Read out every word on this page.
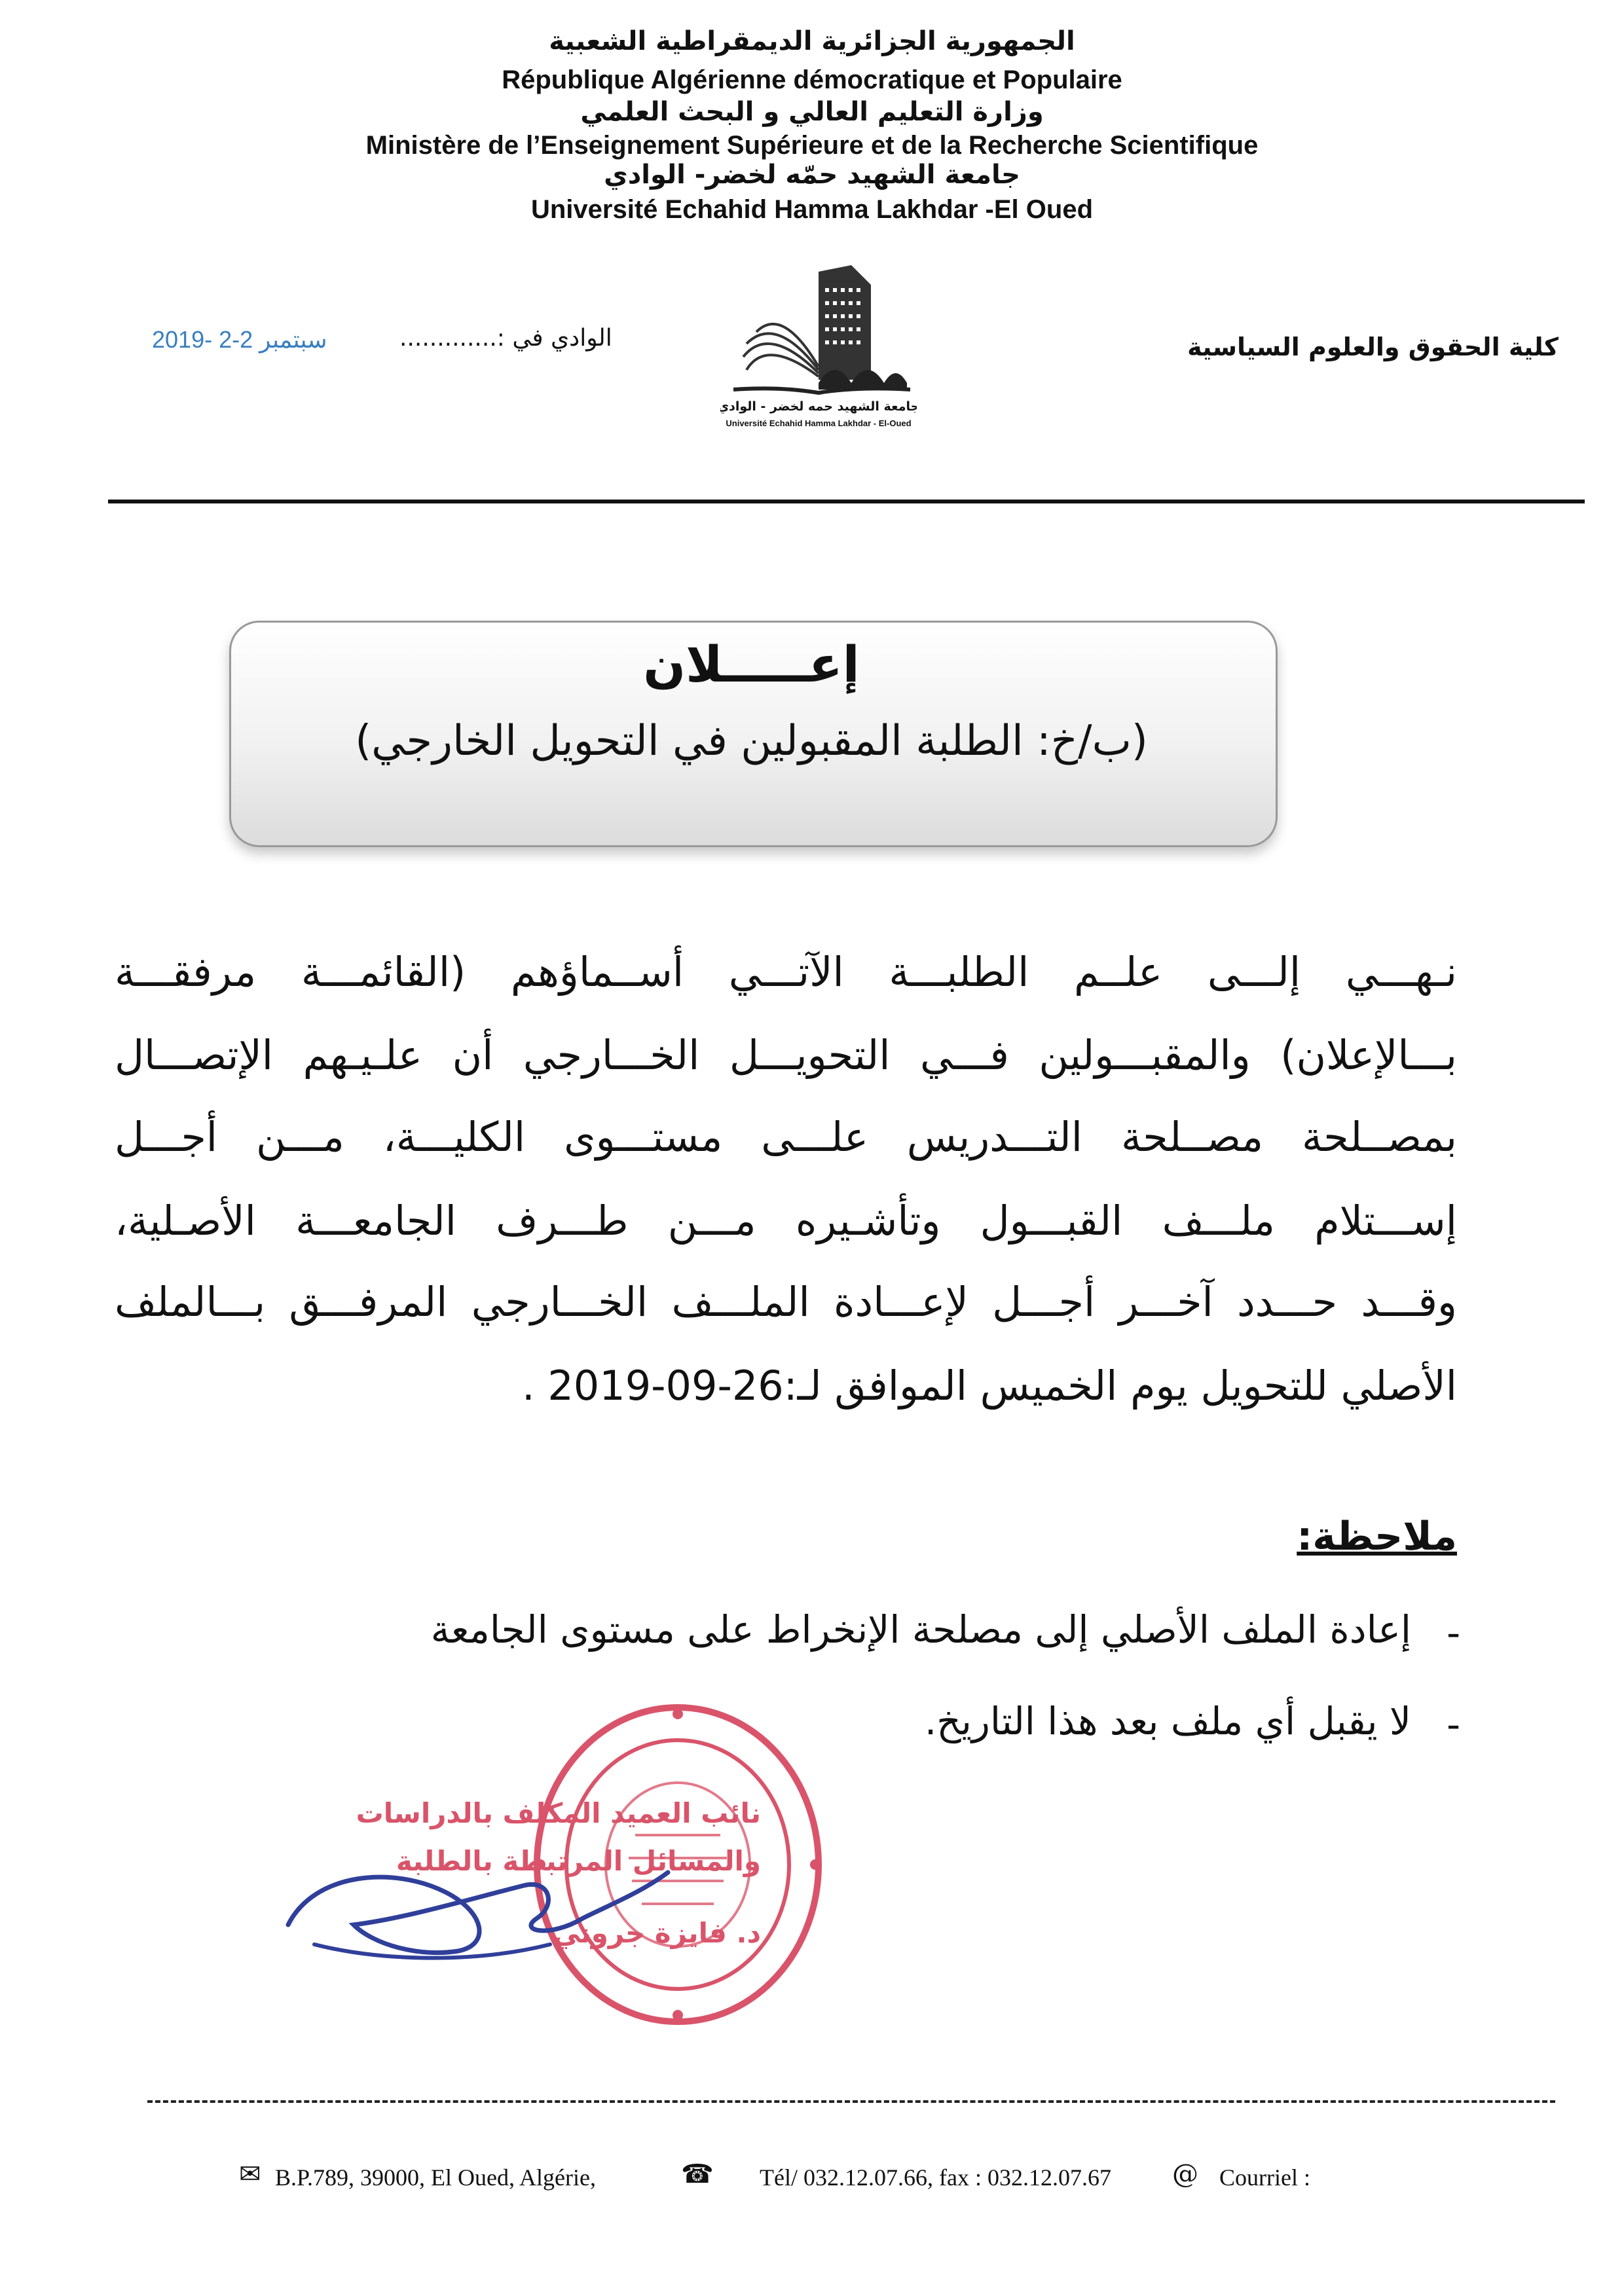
الجمهورية الجزائرية الديمقراطية الشعبية
République Algérienne démocratique et Populaire
وزارة التعليم العالي و البحث العلمي
Ministère de l’Enseignement Supérieure et de la Recherche Scientifique
جامعة الشهيد حمّه لخضر- الوادي
Université Echahid Hamma Lakhdar -El Oued
كلية الحقوق والعلوم السياسية
الوادي في :.............
2019- سبتمبر 2-2
جامعة الشهيد حمه لخضر - الوادي
Université Echahid Hamma Lakhdar - El-Oued
إعـــــلان
(ب/خ: الطلبة المقبولين في التحويل الخارجي)
نـهـــي إلـــى علــم الطلبـــة الآتـــي أســماؤهم (القائمـــة مرفقـــة
بـــالإعلان) والمقبـــولين فـــي التحويـــل الخـــارجي أن علـيـهم الإتصـــال
بمصــلحة مصــلحة التـــدريس علـــى مستـــوى الكليـــة، مـــن أجـــل
إســـتلام ملـــف القبـــول وتأشـيره مـــن طـــرف الجامعـــة الأصـلية،
وقـــد حـــدد آخـــر أجـــل لإعـــادة الملـــف الخـــارجي المرفـــق بـــالملف
الأصلي للتحويل يوم الخميس الموافق لـ:26-09-2019 .
ملاحظة:
-
إعادة الملف الأصلي إلى مصلحة الإنخراط على مستوى الجامعة
-
لا يقبل أي ملف بعد هذا التاريخ.
نائب العميد المكلف بالدراسات
والمسائل المرتبطة بالطلبة
د. فايزة جروني
✉ B.P.789, 39000, El Oued, Algérie,	☎ Tél/ 032.12.07.66, fax : 032.12.07.67 @ Courriel :
